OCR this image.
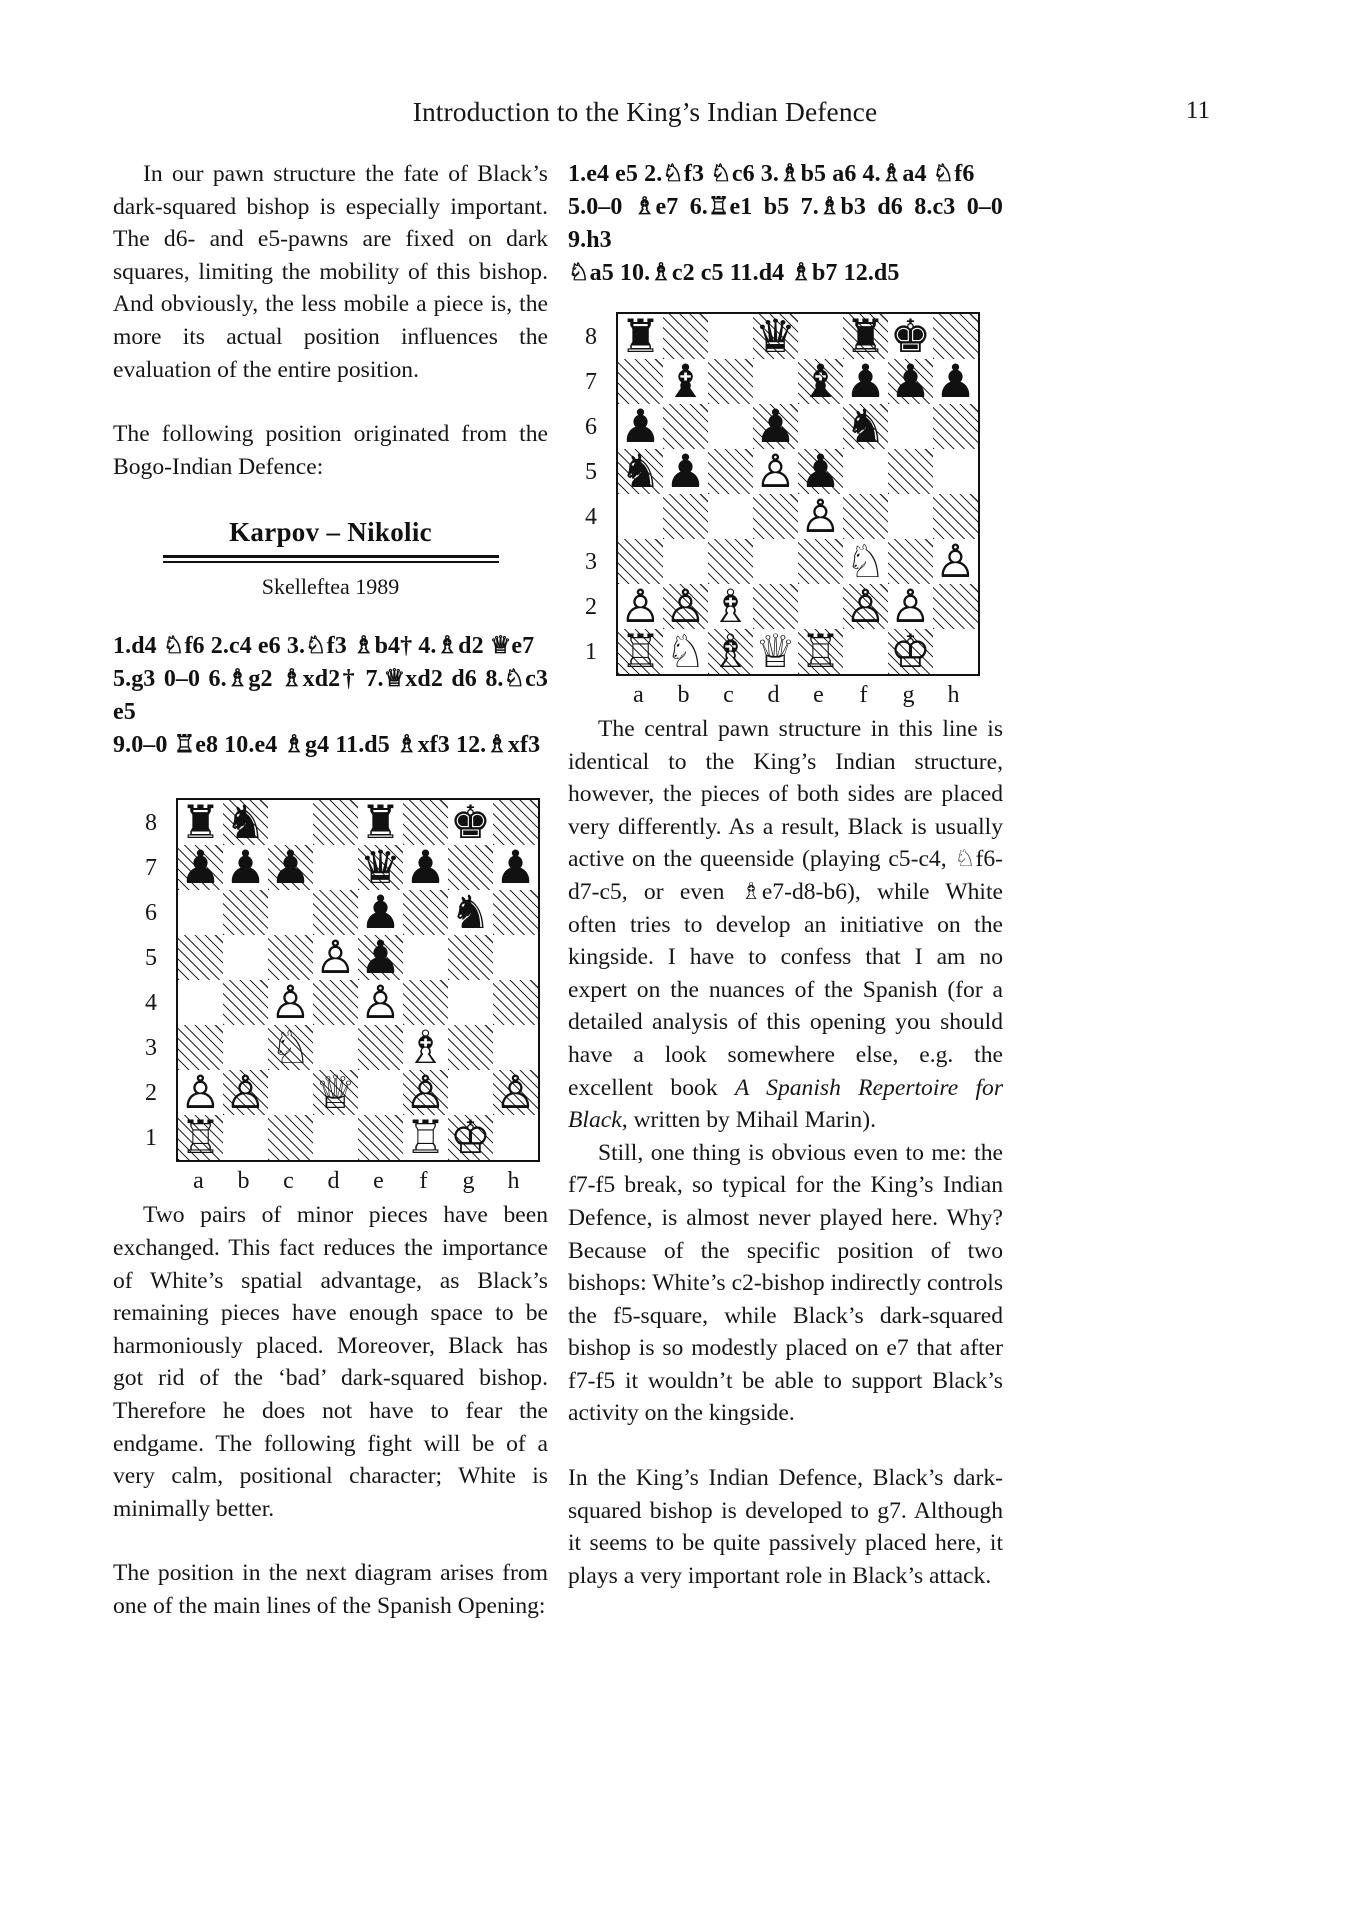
Introduction to the King’s Indian Defence	11

In our pawn structure the fate of Black’s dark-squared bishop is especially important. The d6- and e5-pawns are fixed on dark squares, limiting the mobility of this bishop. And obviously, the less mobile a piece is, the more its actual position influences the evaluation of the entire position.

The following position originated from the Bogo-Indian Defence:

Karpov – Nikolic
Skelleftea 1989

1.d4 ♘f6 2.c4 e6 3.♘f3 ♗b4† 4.♗d2 ♕e7

5.g3 0–0 6.♗g2 ♗xd2† 7.♕xd2 d6 8.♘c3 e5

9.0–0 ♖e8 10.e4 ♗g4 11.d5 ♗xf3 12.♗xf3

8
7
6
5
4
3
2
1
♜ ♞ ♜ ♚
♟ ♟ ♟ ♛ ♟ ♟
♟ ♞
♙ ♟
♙ ♙
♘ ♗
♙ ♙ ♕ ♙ ♙
♖	♖ ♔
a	b	c	d	e	f	g	h

Two pairs of minor pieces have been exchanged. This fact reduces the importance of White’s spatial advantage, as Black’s remaining pieces have enough space to be harmoniously placed. Moreover, Black has got rid of the ‘bad’ dark-squared bishop. Therefore he does not have to fear the endgame. The following fight will be of a very calm, positional character; White is minimally better.

The position in the next diagram arises from one of the main lines of the Spanish Opening:

1.e4 e5 2.♘f3 ♘c6 3.♗b5 a6 4.♗a4 ♘f6

5.0–0 ♗e7 6.♖e1 b5 7.♗b3 d6 8.c3 0–0 9.h3

♘a5 10.♗c2 c5 11.d4 ♗b7 12.d5

8
7
6
5
4
3
2
1
♜ ♛ ♜ ♚
♝ ♝ ♟ ♟ ♟
♟ ♟ ♞
♞ ♟ ♙ ♟
♙
♘ ♙
♙ ♙ ♗ ♙ ♙
♖ ♘ ♗ ♕ ♖ ♔
a	b	c	d	e	f	g	h

The central pawn structure in this line is identical to the King’s Indian structure, however, the pieces of both sides are placed very differently. As a result, Black is usually active on the queenside (playing c5-c4, ♘f6-d7-c5, or even ♗e7-d8-b6), while White often tries to develop an initiative on the kingside. I have to confess that I am no expert on the nuances of the Spanish (for a detailed analysis of this opening you should have a look somewhere else, e.g. the excellent book A Spanish Repertoire for Black, written by Mihail Marin).

Still, one thing is obvious even to me: the f7-f5 break, so typical for the King’s Indian Defence, is almost never played here. Why? Because of the specific position of two bishops: White’s c2-bishop indirectly controls the f5-square, while Black’s dark-squared bishop is so modestly placed on e7 that after f7-f5 it wouldn’t be able to support Black’s activity on the kingside.

In the King’s Indian Defence, Black’s dark-squared bishop is developed to g7. Although it seems to be quite passively placed here, it plays a very important role in Black’s attack.
